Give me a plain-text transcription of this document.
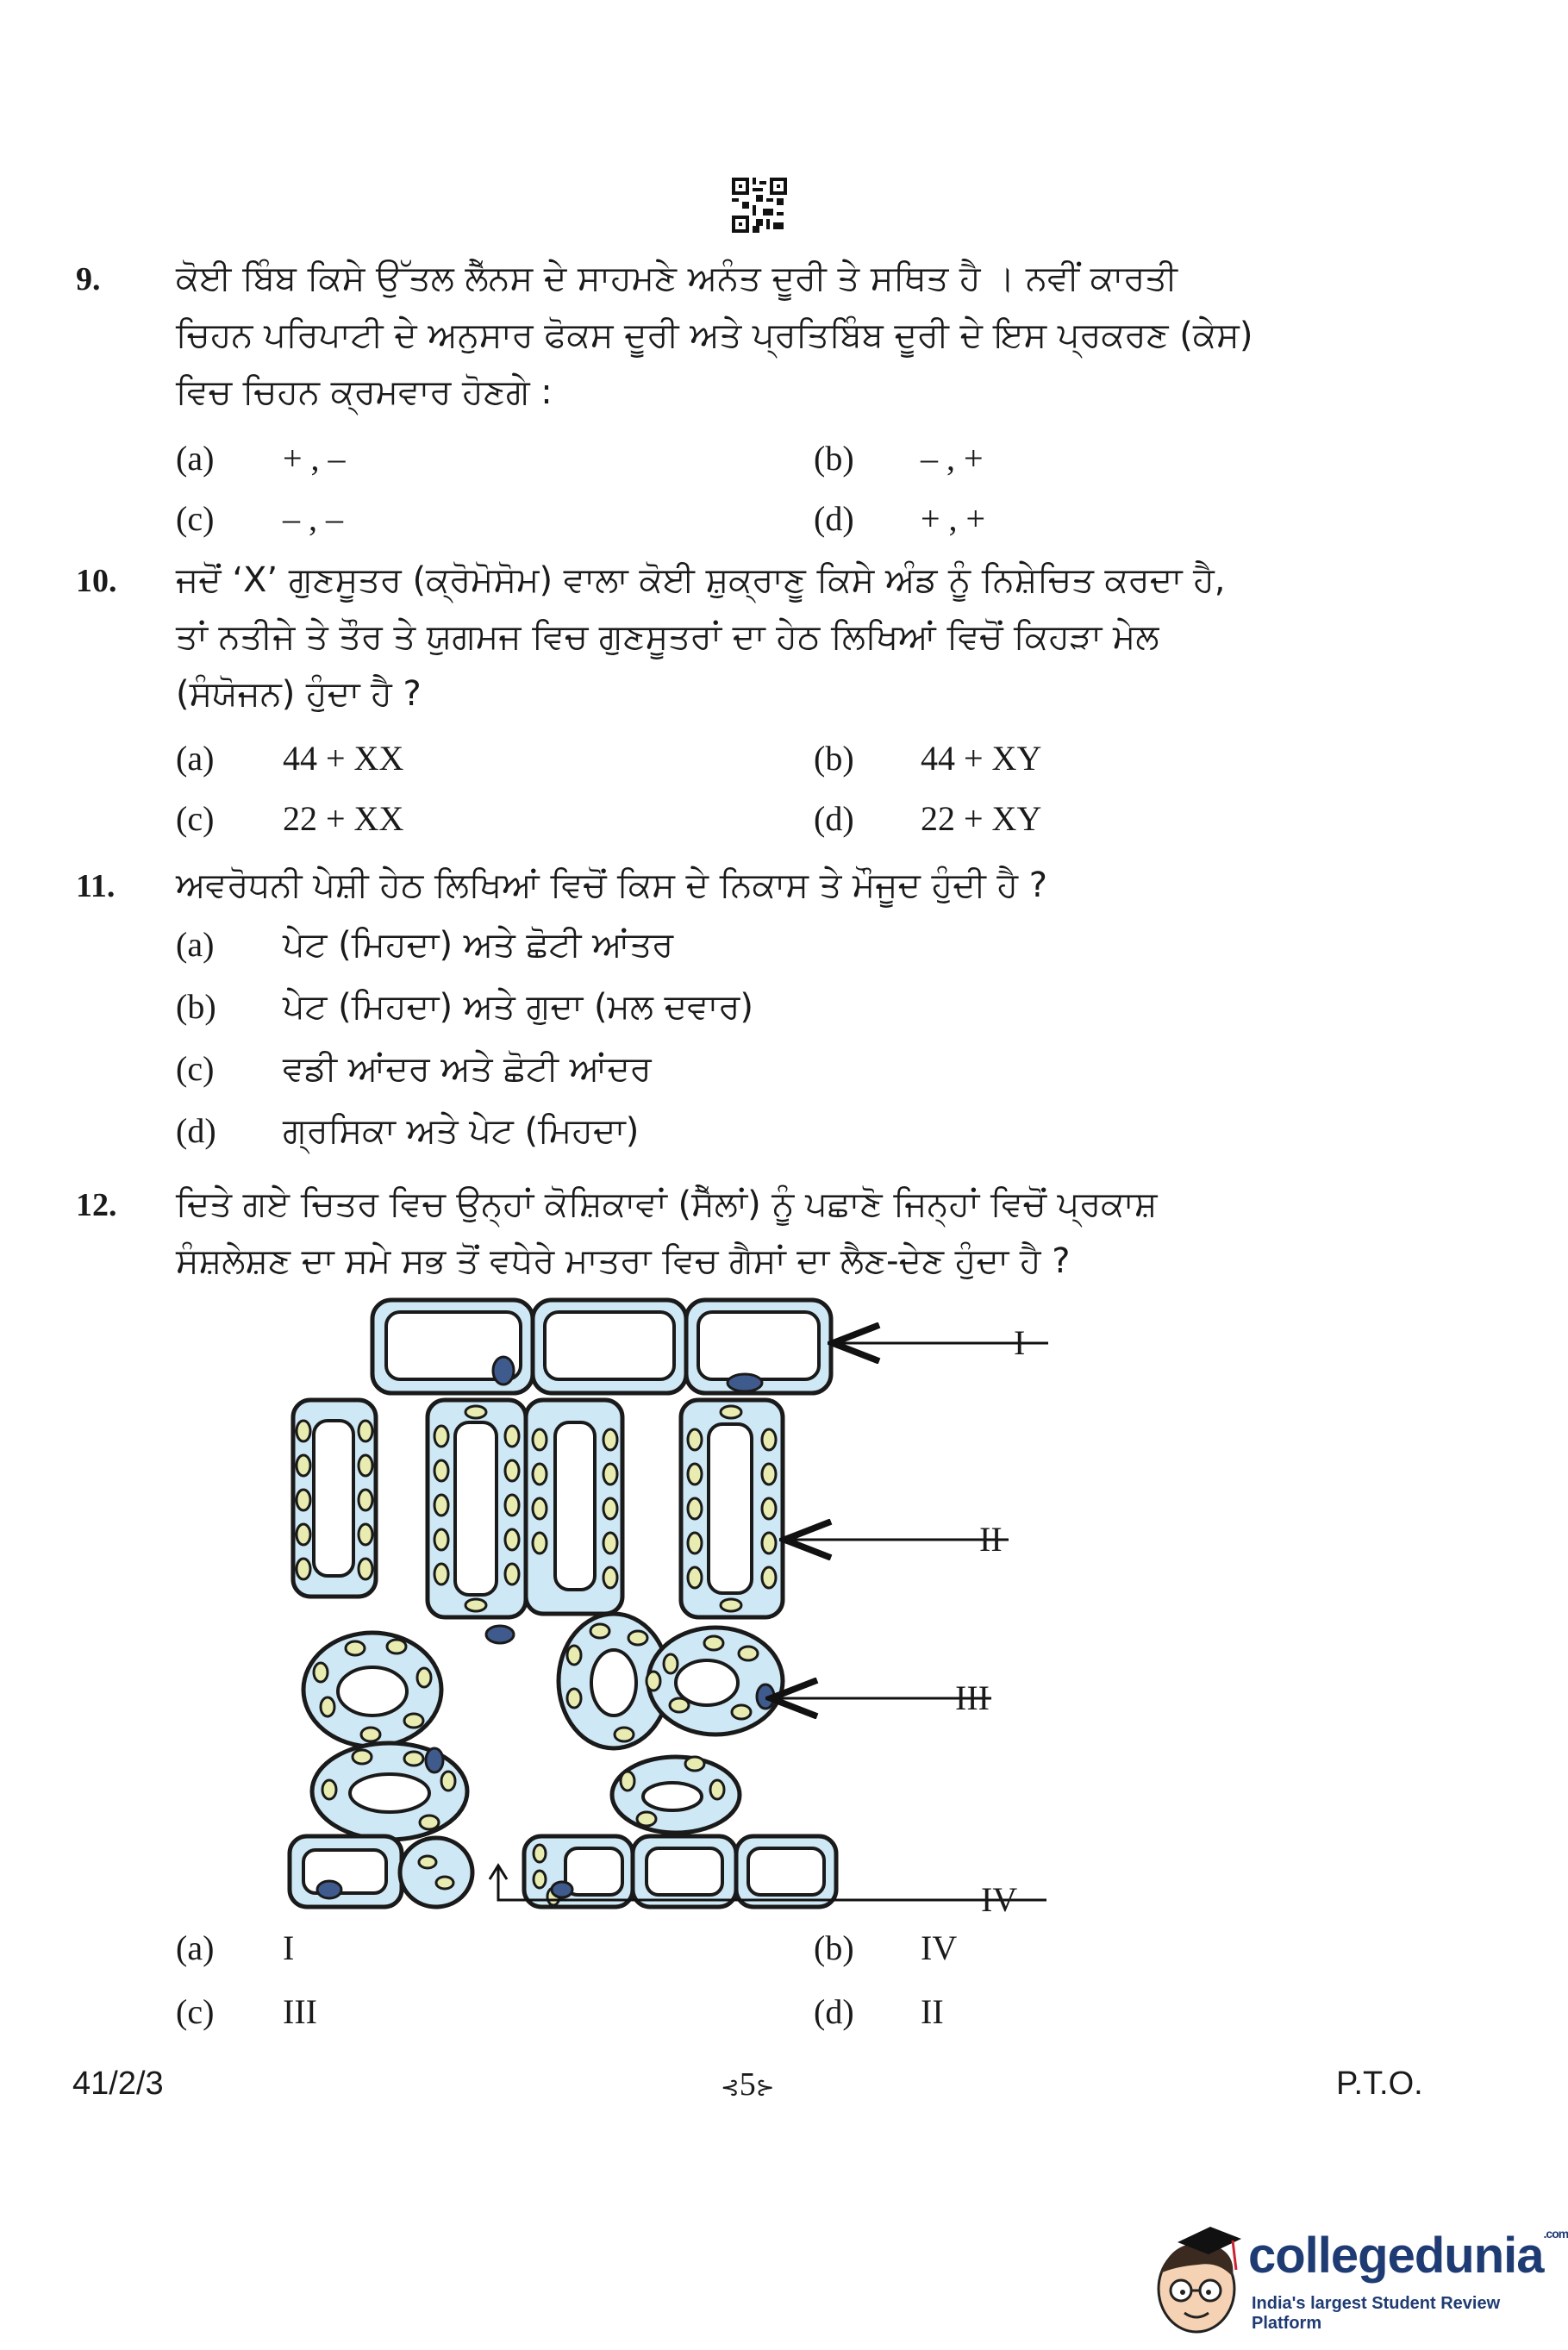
9. ਕੋਈ ਬਿੰਬ ਕਿਸੇ ਉੱਤਲ ਲੈੱਨਸ ਦੇ ਸਾਹਮਣੇ ਅਨੰਤ ਦੂਰੀ ਤੇ ਸਥਿਤ ਹੈ । ਨਵੀਂ ਕਾਰਤੀ
ਚਿਹਨ ਪਰਿਪਾਟੀ ਦੇ ਅਨੁਸਾਰ ਫੋਕਸ ਦੂਰੀ ਅਤੇ ਪ੍ਰਤਿਬਿੰਬ ਦੂਰੀ ਦੇ ਇਸ ਪ੍ਰਕਰਣ (ਕੇਸ)
ਵਿਚ ਚਿਹਨ ਕ੍ਰਮਵਾਰ ਹੋਣਗੇ :
(a) + , –	(b) – , +
(c) – , –	(d) + , +
10. ਜਦੋਂ ‘X’ ਗੁਣਸੂਤਰ (ਕ੍ਰੋਮੋਸੋਮ) ਵਾਲਾ ਕੋਈ ਸ਼ੁਕ੍ਰਾਣੂ ਕਿਸੇ ਅੰਡ ਨੂੰ ਨਿਸ਼ੇਚਿਤ ਕਰਦਾ ਹੈ,
ਤਾਂ ਨਤੀਜੇ ਤੇ ਤੌਰ ਤੇ ਯੁਗਮਜ ਵਿਚ ਗੁਣਸੂਤਰਾਂ ਦਾ ਹੇਠ ਲਿਖਿਆਂ ਵਿਚੋਂ ਕਿਹੜਾ ਮੇਲ
(ਸੰਯੋਜਨ) ਹੁੰਦਾ ਹੈ ?
(a) 44 + XX	(b) 44 + XY
(c) 22 + XX	(d) 22 + XY
11. ਅਵਰੋਧਨੀ ਪੇਸ਼ੀ ਹੇਠ ਲਿਖਿਆਂ ਵਿਚੋਂ ਕਿਸ ਦੇ ਨਿਕਾਸ ਤੇ ਮੌਜੂਦ ਹੁੰਦੀ ਹੈ ?
(a) ਪੇਟ (ਮਿਹਦਾ) ਅਤੇ ਛੋਟੀ ਆਂਤਰ
(b) ਪੇਟ (ਮਿਹਦਾ) ਅਤੇ ਗੁਦਾ (ਮਲ ਦਵਾਰ)
(c) ਵਡੀ ਆਂਦਰ ਅਤੇ ਛੋਟੀ ਆਂਦਰ
(d) ਗ੍ਰਸਿਕਾ ਅਤੇ ਪੇਟ (ਮਿਹਦਾ)
12. ਦਿਤੇ ਗਏ ਚਿਤਰ ਵਿਚ ਉਨ੍ਹਾਂ ਕੋਸ਼ਿਕਾਵਾਂ (ਸੈੱਲਾਂ) ਨੂੰ ਪਛਾਣੋ ਜਿਨ੍ਹਾਂ ਵਿਚੋਂ ਪ੍ਰਕਾਸ਼
ਸੰਸ਼ਲੇਸ਼ਣ ਦਾ ਸਮੇ ਸਭ ਤੋਂ ਵਧੇਰੇ ਮਾਤਰਾ ਵਿਚ ਗੈਸਾਂ ਦਾ ਲੈਣ-ਦੇਣ ਹੁੰਦਾ ਹੈ ?
I
II
III
IV
(a) I	(b) IV
(c) III	(d) II
41/2/3	⊰5⊱	P.T.O.
collegedunia$^{.com}$
India's largest Student Review Platform
